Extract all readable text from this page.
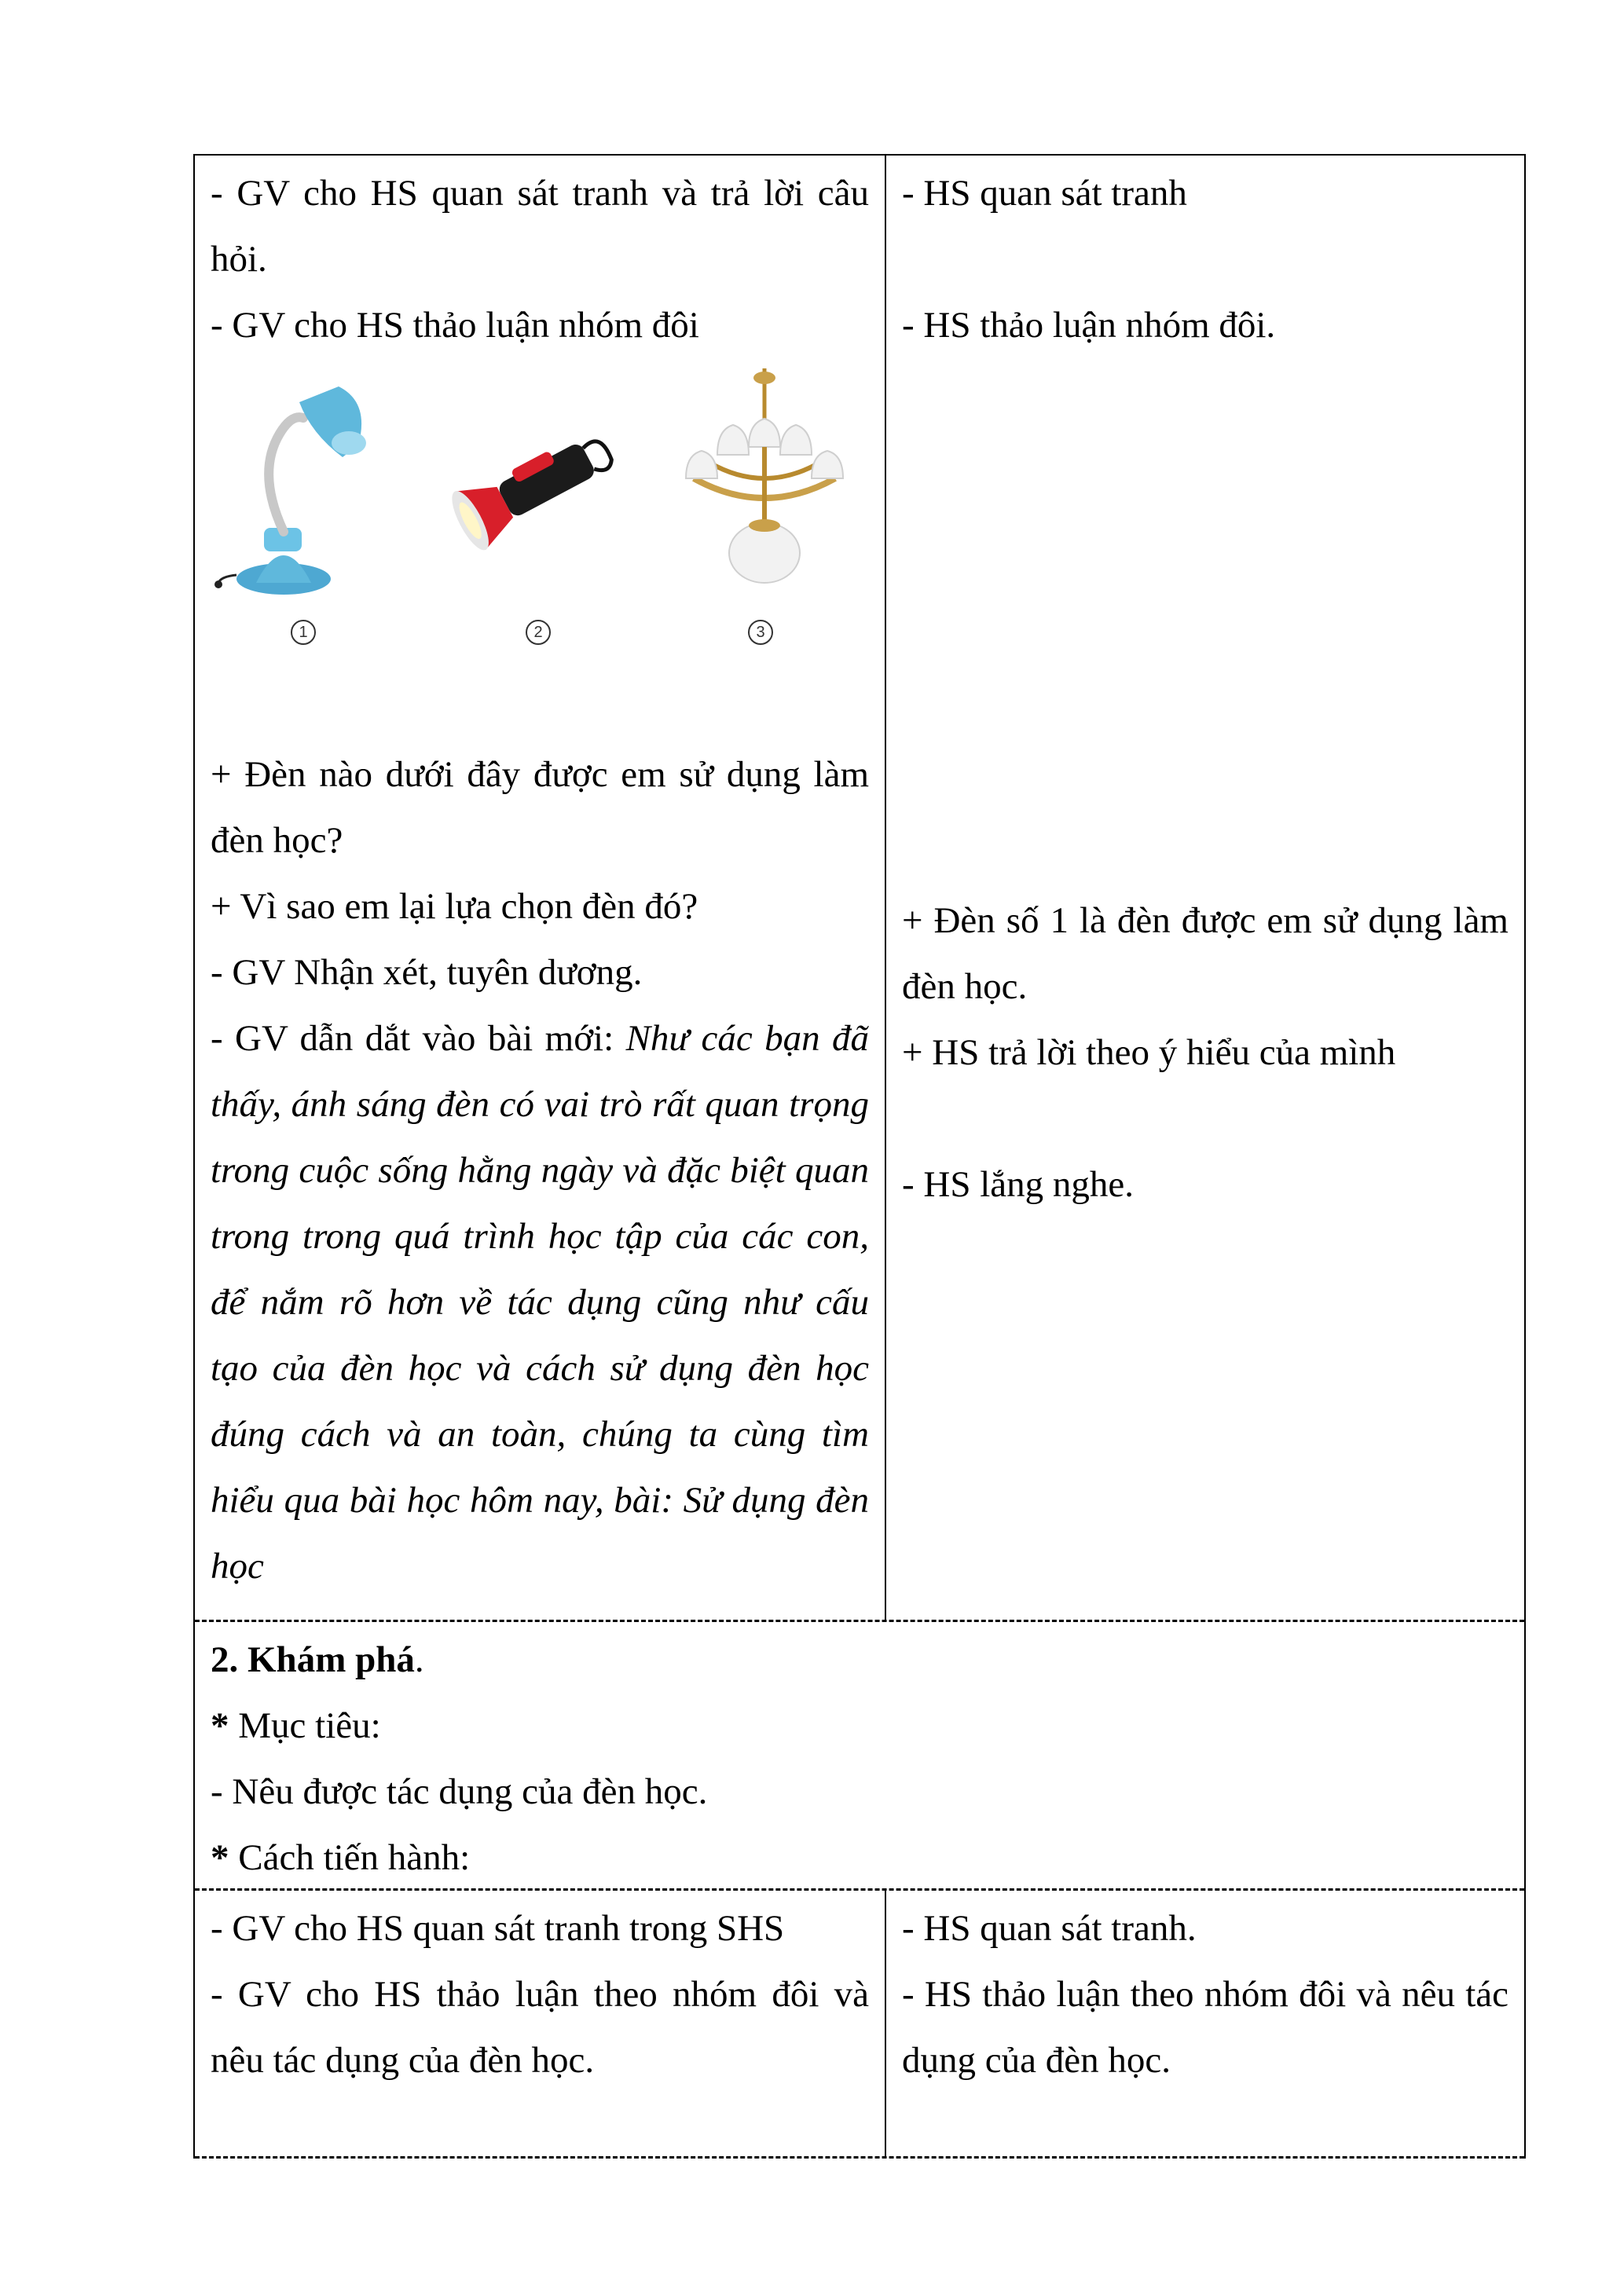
- GV cho HS quan sát tranh và trả lời câu hỏi.

- GV cho HS thảo luận nhóm đôi

1	2	3

+ Đèn nào dưới đây được em sử dụng làm đèn học?

+ Vì sao em lại lựa chọn đèn đó?

- GV Nhận xét, tuyên dương.

- GV dẫn dắt vào bài mới: Như các bạn đã thấy, ánh sáng đèn có vai trò rất quan trọng trong cuộc sống hằng ngày và đặc biệt quan trong trong quá trình học tập của các con, để nắm rõ hơn về tác dụng cũng như cấu tạo của đèn học và cách sử dụng đèn học đúng cách và an toàn, chúng ta cùng tìm hiểu qua bài học hôm nay, bài: Sử dụng đèn học

- HS quan sát tranh

- HS thảo luận nhóm đôi.

+ Đèn số 1 là đèn được em sử dụng làm đèn học.

+ HS trả lời theo ý hiểu của mình

- HS lắng nghe.

2. Khám phá.

* Mục tiêu:

- Nêu được tác dụng của đèn học.

* Cách tiến hành:

- GV cho HS quan sát tranh trong SHS

- GV cho HS thảo luận theo nhóm đôi và nêu tác dụng của đèn học.

- HS quan sát tranh.

- HS thảo luận theo nhóm đôi và nêu tác dụng của đèn học.
